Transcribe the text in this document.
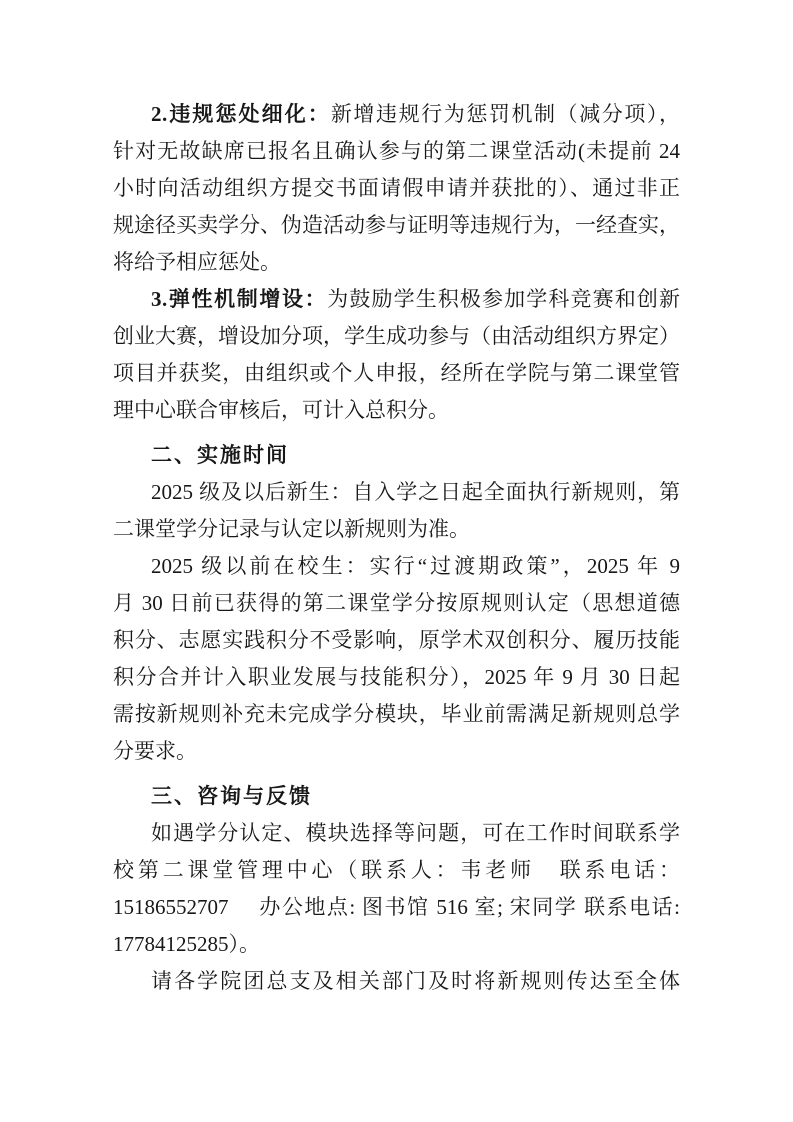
2.违规惩处细化：新增违规行为惩罚机制（减分项），
针对无故缺席已报名且确认参与的第二课堂活动(未提前 24
小时向活动组织方提交书面请假申请并获批的）、通过非正
规途径买卖学分、伪造活动参与证明等违规行为，一经查实，
将给予相应惩处。
3.弹性机制增设：为鼓励学生积极参加学科竞赛和创新
创业大赛，增设加分项，学生成功参与（由活动组织方界定）
项目并获奖，由组织或个人申报，经所在学院与第二课堂管
理中心联合审核后，可计入总积分。
二、实施时间
2025 级及以后新生：自入学之日起全面执行新规则，第
二课堂学分记录与认定以新规则为准。
2025 级以前在校生：实行“过渡期政策”，2025 年 9
月 30 日前已获得的第二课堂学分按原规则认定（思想道德
积分、志愿实践积分不受影响，原学术双创积分、履历技能
积分合并计入职业发展与技能积分），2025 年 9 月 30 日起
需按新规则补充未完成学分模块，毕业前需满足新规则总学
分要求。
三、咨询与反馈
如遇学分认定、模块选择等问题，可在工作时间联系学
校第二课堂管理中心（联系人：韦老师　联系电话：
15186552707　 办公地点: 图书馆 516 室; 宋同学 联系电话:
17784125285）。
请各学院团总支及相关部门及时将新规则传达至全体
